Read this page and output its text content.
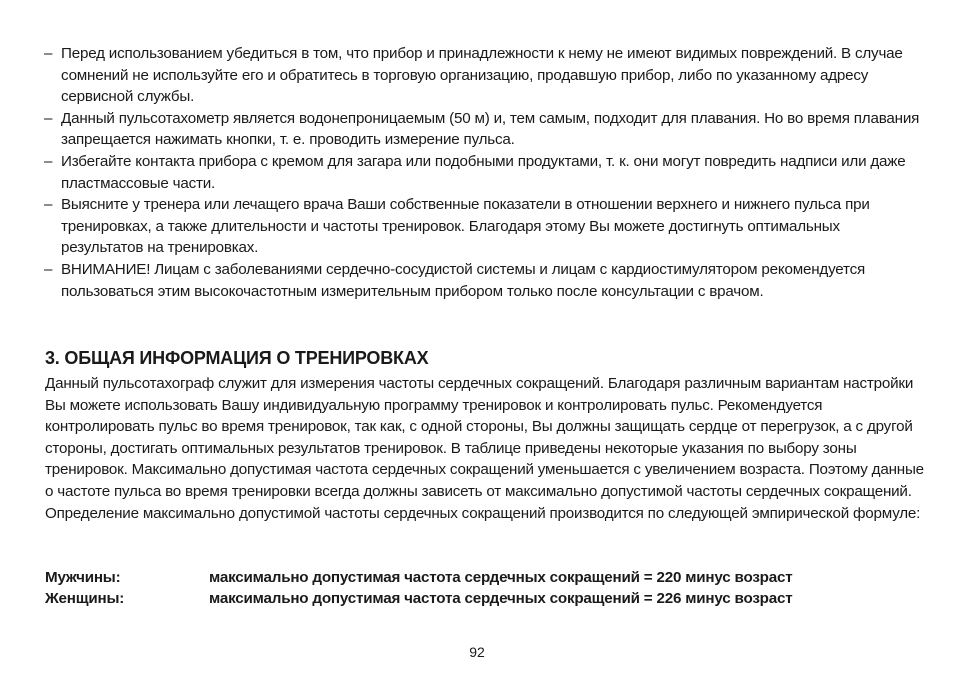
– Перед использованием убедиться в том, что прибор и принадлежности к нему не имеют видимых повреждений. В случае сомнений не используйте его и обратитесь в торговую организацию, продавшую прибор, либо по указанному адресу сервисной службы.
– Данный пульсотахометр является водонепроницаемым (50 м) и, тем самым, подходит для плавания. Но во время плавания запрещается нажимать кнопки, т. е. проводить измерение пульса.
– Избегайте контакта прибора с кремом для загара или подобными продуктами, т. к. они могут повредить надписи или даже пластмассовые части.
– Выясните у тренера или лечащего врача Ваши собственные показатели в отношении верхнего и нижнего пульса при тренировках, а также длительности и частоты тренировок. Благодаря этому Вы можете достигнуть оптимальных результатов на тренировках.
– ВНИМАНИЕ! Лицам с заболеваниями сердечно-сосудистой системы и лицам с кардиостимулятором рекомендуется пользоваться этим высокочастотным измерительным прибором только после консультации с врачом.
3. ОБЩАЯ ИНФОРМАЦИЯ О ТРЕНИРОВКАХ

Данный пульсотахограф служит для измерения частоты сердечных сокращений. Благодаря различным вариантам настройки Вы можете использовать Вашу индивидуальную программу тренировок и контролировать пульс. Рекомендуется контролировать пульс во время тренировок, так как, с одной стороны, Вы должны защищать сердце от перегрузок, а с другой стороны, достигать оптимальных результатов тренировок. В таблице приведены некоторые указания по выбору зоны тренировок. Максимально допустимая частота сердечных сокращений уменьшается с увеличением возраста. Поэтому данные о частоте пульса во время тренировки всегда должны зависеть от максимально допустимой частоты сердечных сокращений. Определение максимально допустимой частоты сердечных сокращений производится по следующей эмпирической формуле:

Мужчины:	максимально допустимая частота сердечных сокращений = 220 минус возраст
Женщины:	максимально допустимая частота сердечных сокращений = 226 минус возраст
92
